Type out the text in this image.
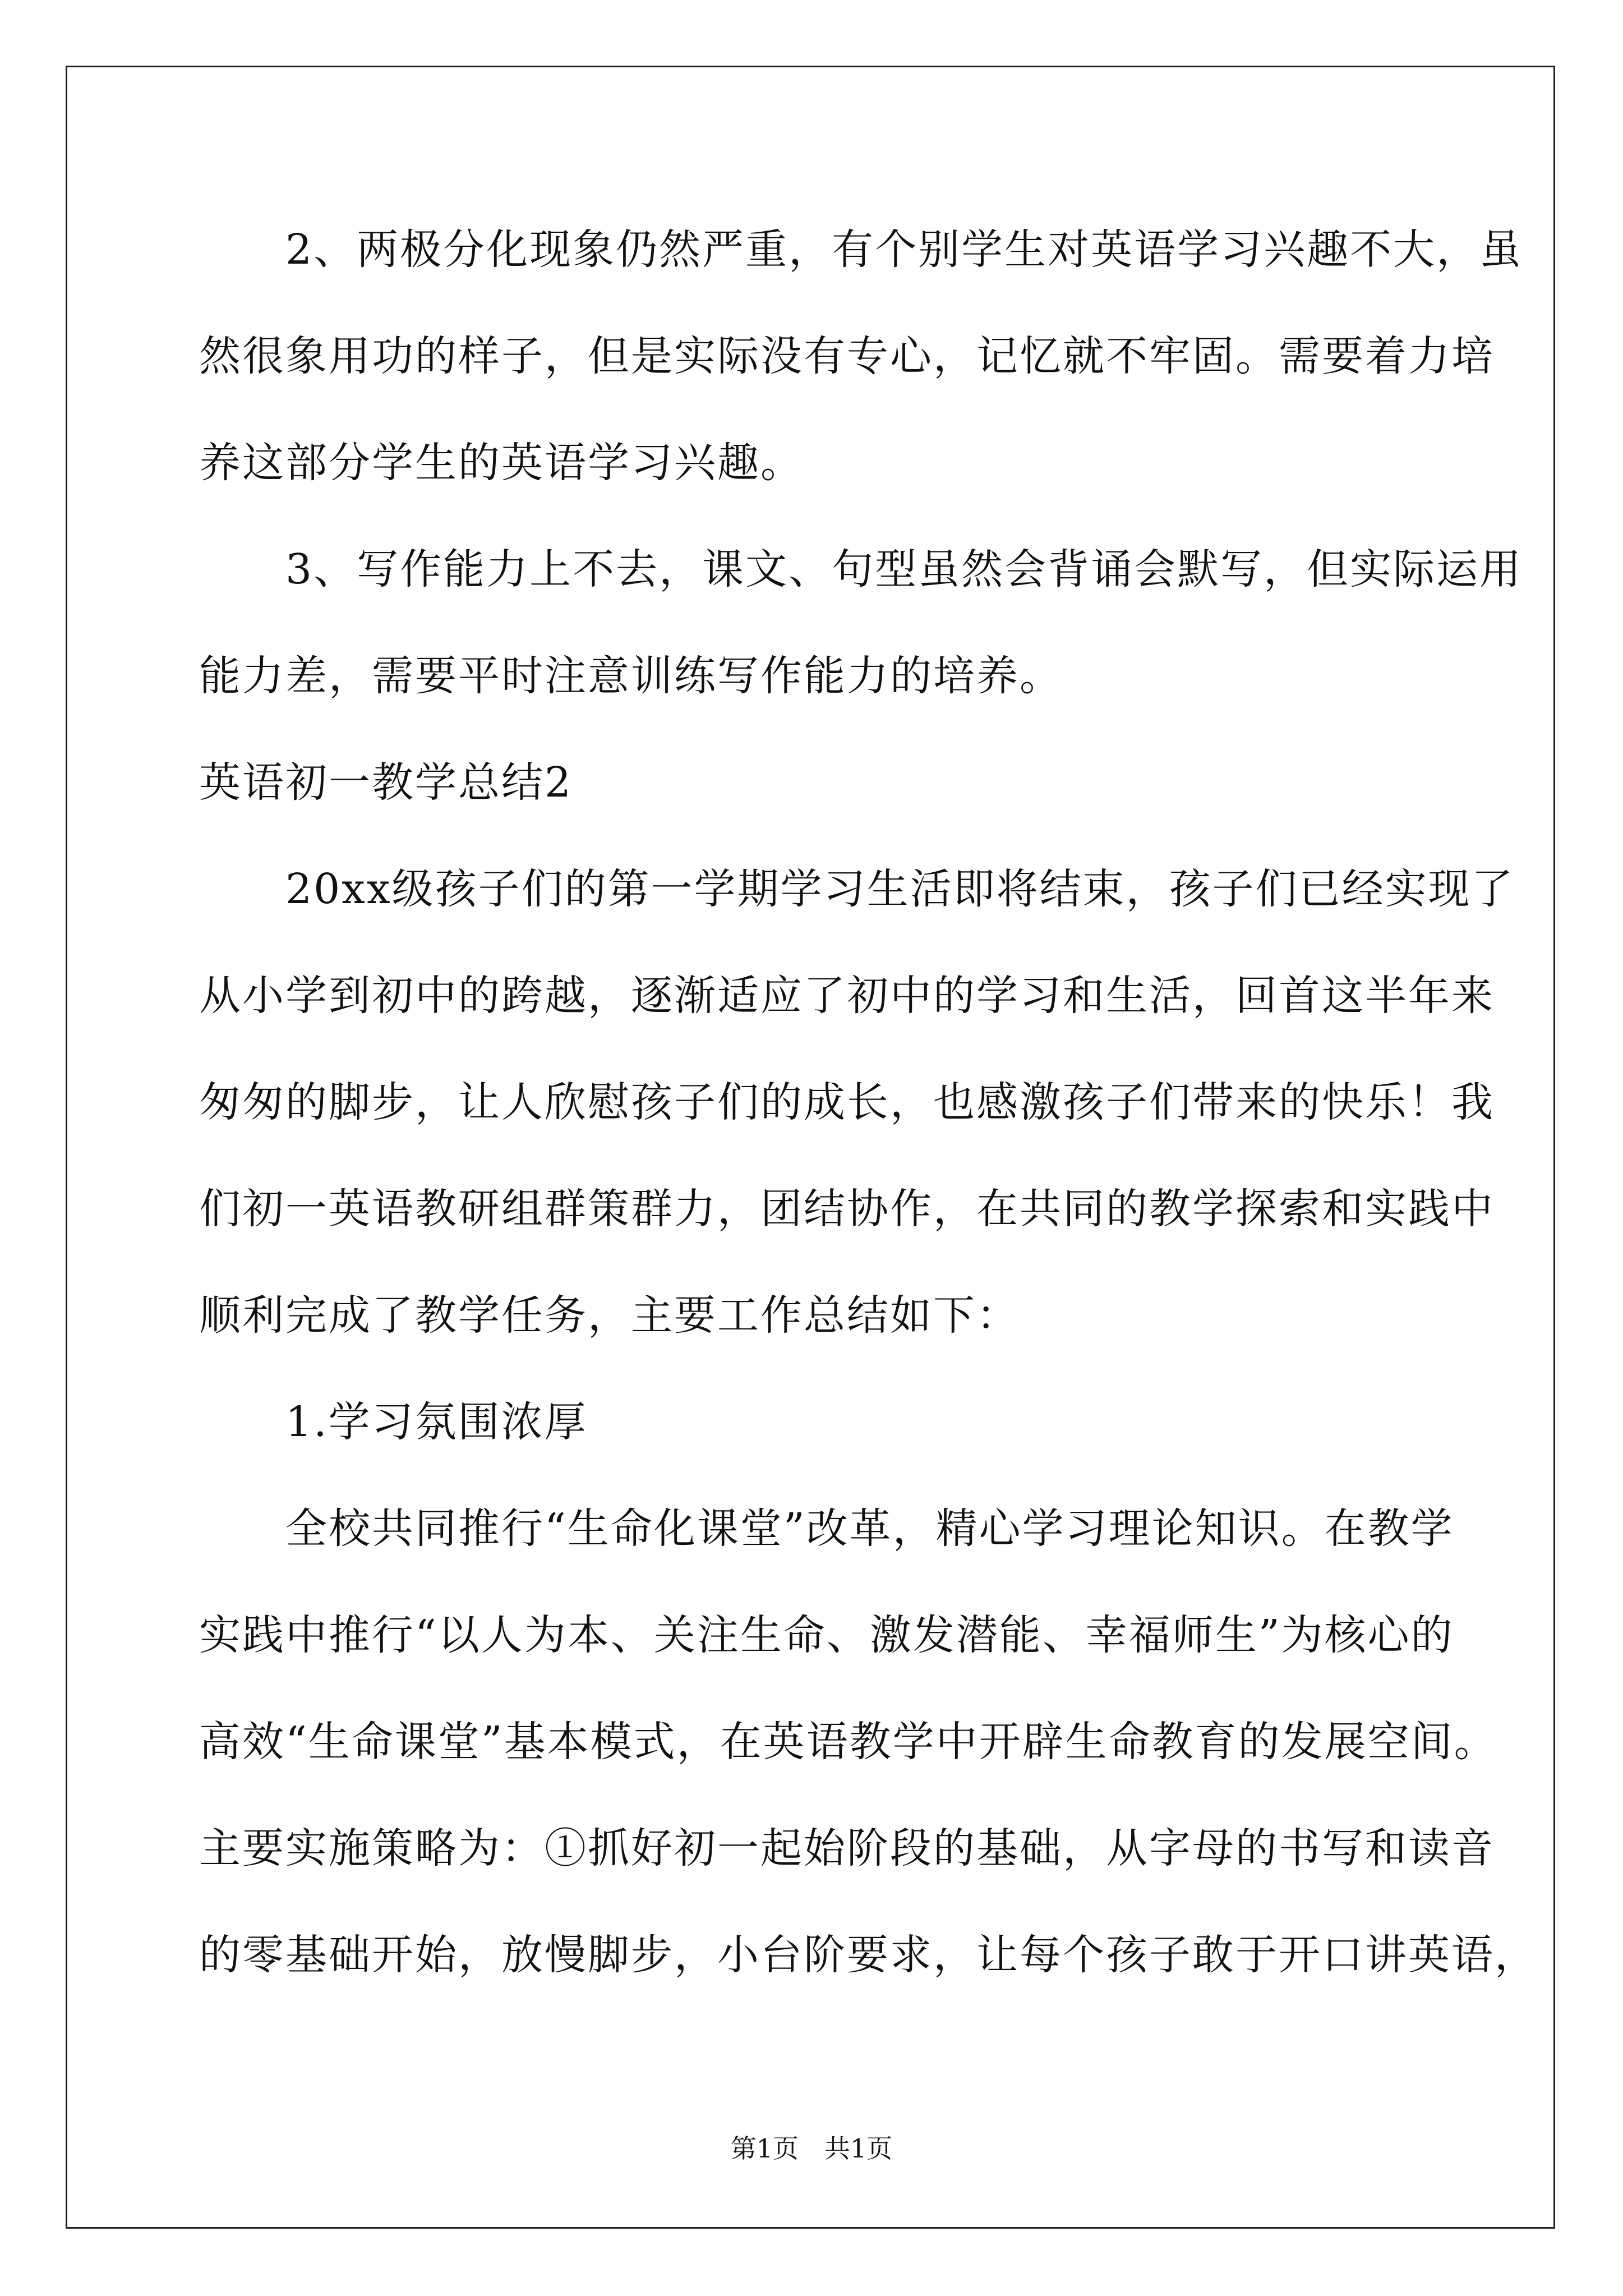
　　2、两极分化现象仍然严重，有个别学生对英语学习兴趣不大，虽
然很象用功的样子，但是实际没有专心，记忆就不牢固。需要着力培
养这部分学生的英语学习兴趣。
　　3、写作能力上不去，课文、句型虽然会背诵会默写，但实际运用
能力差，需要平时注意训练写作能力的培养。
英语初一教学总结2
　　20xx级孩子们的第一学期学习生活即将结束，孩子们已经实现了
从小学到初中的跨越，逐渐适应了初中的学习和生活，回首这半年来
匆匆的脚步，让人欣慰孩子们的成长，也感激孩子们带来的快乐！我
们初一英语教研组群策群力，团结协作，在共同的教学探索和实践中
顺利完成了教学任务，主要工作总结如下：
　　1.学习氛围浓厚
　　全校共同推行“生命化课堂”改革，精心学习理论知识。在教学
实践中推行“以人为本、关注生命、激发潜能、幸福师生”为核心的
高效“生命课堂”基本模式，在英语教学中开辟生命教育的发展空间。
主要实施策略为：①抓好初一起始阶段的基础，从字母的书写和读音
的零基础开始，放慢脚步，小台阶要求，让每个孩子敢于开口讲英语，
第1页　共1页
